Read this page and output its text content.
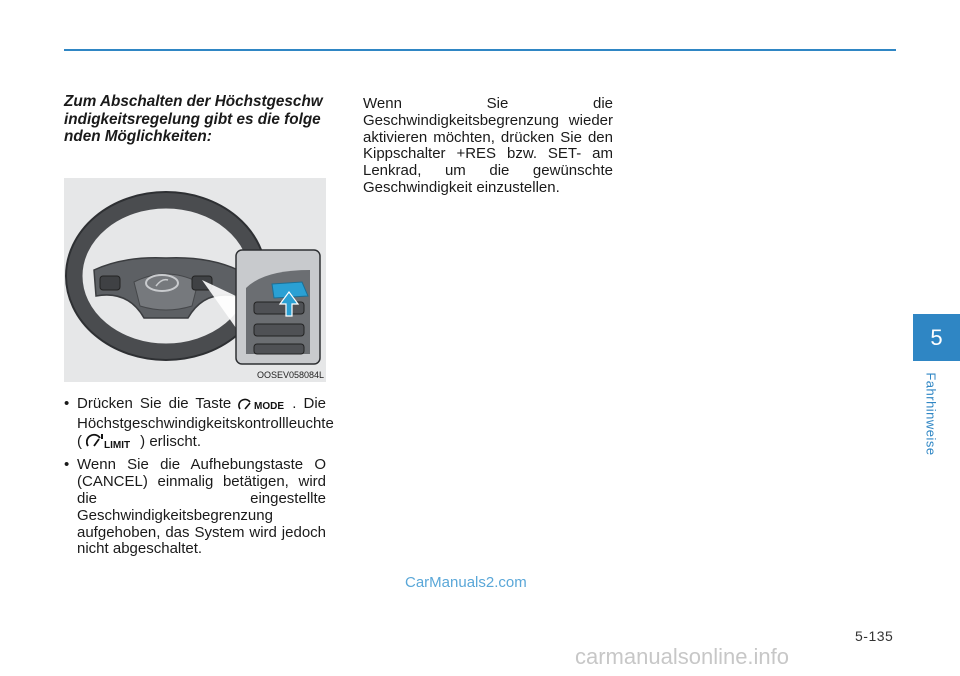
Zum Abschalten der Höchstgeschwindigkeitsregelung gibt es die folgenden Möglichkeiten:

OOSEV058084L
• Drücken Sie die Taste MODE . Die Höchstgeschwindigkeitskontrollleuchte ( LIMIT ) erlischt.
• Wenn Sie die Aufhebungstaste O (CANCEL) einmalig betätigen, wird die eingestellte Geschwindigkeitsbegrenzung aufgehoben, das System wird jedoch nicht abgeschaltet.

Wenn Sie die Geschwindigkeitsbegrenzung wieder aktivieren möchten, drücken Sie den Kippschalter +RES bzw. SET- am Lenkrad, um die gewünschte Geschwindigkeit einzustellen.

5
Fahrhinweise
CarManuals2.com
5-135
carmanualsonline.info
